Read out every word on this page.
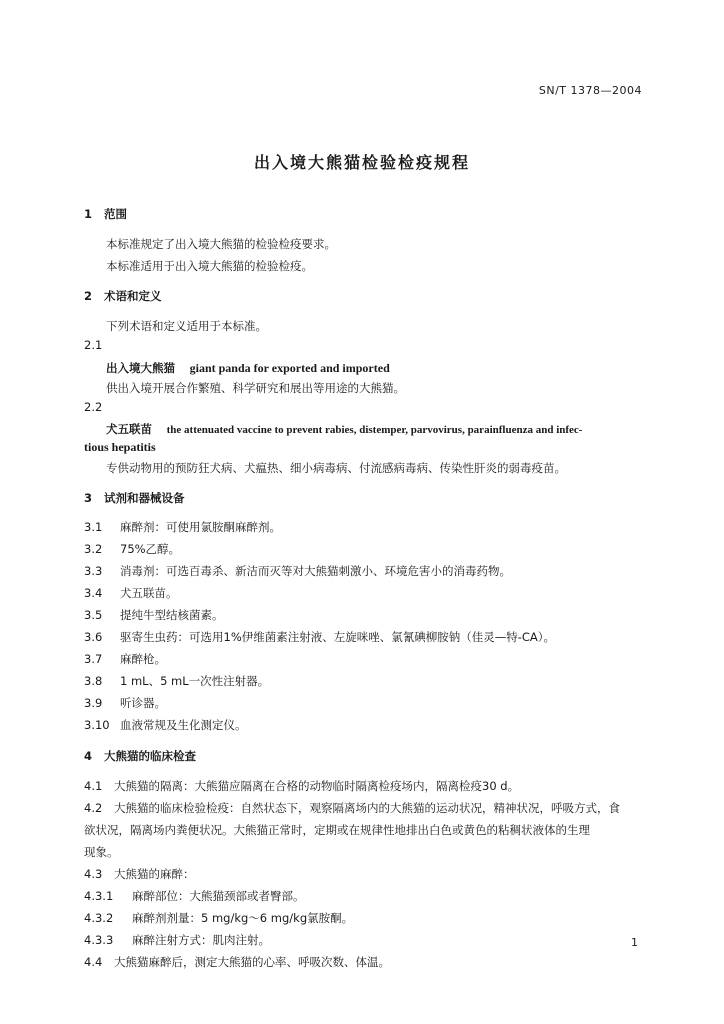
SN/T 1378—2004
出入境大熊猫检验检疫规程
1 范围
本标准规定了出入境大熊猫的检验检疫要求。
本标准适用于出入境大熊猫的检验检疫。
2 术语和定义
下列术语和定义适用于本标准。
2.1
出入境大熊猫 giant panda for exported and imported
供出入境开展合作繁殖、科学研究和展出等用途的大熊猫。
2.2
犬五联苗 the attenuated vaccine to prevent rabies, distemper, parvovirus, parainfluenza and infec-
tious hepatitis
专供动物用的预防狂犬病、犬瘟热、细小病毒病、付流感病毒病、传染性肝炎的弱毒疫苗。
3 试剂和器械设备
3.1 麻醉剂：可使用氯胺酮麻醉剂。
3.2 75%乙醇。
3.3 消毒剂：可选百毒杀、新洁而灭等对大熊猫刺激小、环境危害小的消毒药物。
3.4 犬五联苗。
3.5 提纯牛型结核菌素。
3.6 驱寄生虫药：可选用1%伊维菌素注射液、左旋咪唑、氯氰碘柳胺钠（佳灵—特-CA）。
3.7 麻醉枪。
3.8 1 mL、5 mL一次性注射器。
3.9 听诊器。
3.10 血液常规及生化测定仪。
4 大熊猫的临床检查
4.1 大熊猫的隔离：大熊猫应隔离在合格的动物临时隔离检疫场内，隔离检疫30 d。
4.2 大熊猫的临床检验检疫：自然状态下，观察隔离场内的大熊猫的运动状况，精神状况，呼吸方式，食
欲状况，隔离场内粪便状况。大熊猫正常时，定期或在规律性地排出白色或黄色的粘稠状液体的生理
现象。
4.3 大熊猫的麻醉：
4.3.1 麻醉部位：大熊猫颈部或者臀部。
4.3.2 麻醉剂剂量：5 mg/kg～6 mg/kg氯胺酮。
4.3.3 麻醉注射方式：肌肉注射。
4.4 大熊猫麻醉后，测定大熊猫的心率、呼吸次数、体温。
1
